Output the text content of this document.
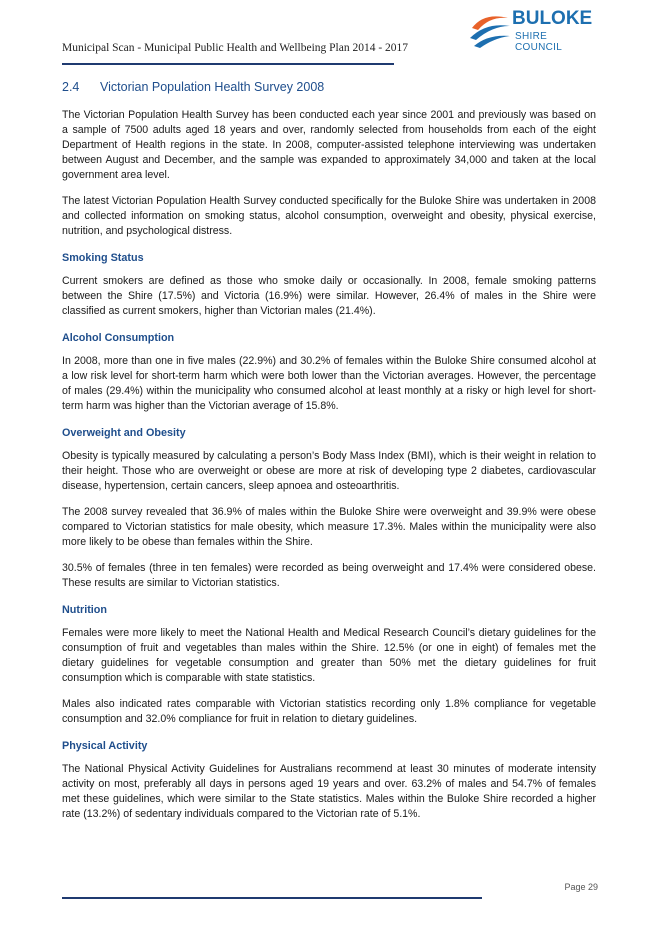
Municipal Scan - Municipal Public Health and Wellbeing Plan 2014 - 2017
BULOKE
SHIRE COUNCIL
2.4 Victorian Population Health Survey 2008

The Victorian Population Health Survey has been conducted each year since 2001 and previously was based on a sample of 7500 adults aged 18 years and over, randomly selected from households from each of the eight Department of Health regions in the state. In 2008, computer-assisted telephone interviewing was undertaken between August and December, and the sample was expanded to approximately 34,000 and taken at the local government area level.

The latest Victorian Population Health Survey conducted specifically for the Buloke Shire was undertaken in 2008 and collected information on smoking status, alcohol consumption, overweight and obesity, physical exercise, nutrition, and psychological distress.

Smoking Status

Current smokers are defined as those who smoke daily or occasionally. In 2008, female smoking patterns between the Shire (17.5%) and Victoria (16.9%) were similar. However, 26.4% of males in the Shire were classified as current smokers, higher than Victorian males (21.4%).

Alcohol Consumption

In 2008, more than one in five males (22.9%) and 30.2% of females within the Buloke Shire consumed alcohol at a low risk level for short-term harm which were both lower than the Victorian averages. However, the percentage of males (29.4%) within the municipality who consumed alcohol at least monthly at a risky or high level for short-term harm was higher than the Victorian average of 15.8%.

Overweight and Obesity

Obesity is typically measured by calculating a person’s Body Mass Index (BMI), which is their weight in relation to their height. Those who are overweight or obese are more at risk of developing type 2 diabetes, cardiovascular disease, hypertension, certain cancers, sleep apnoea and osteoarthritis.

The 2008 survey revealed that 36.9% of males within the Buloke Shire were overweight and 39.9% were obese compared to Victorian statistics for male obesity, which measure 17.3%. Males within the municipality were also more likely to be obese than females within the Shire.

30.5% of females (three in ten females) were recorded as being overweight and 17.4% were considered obese. These results are similar to Victorian statistics.

Nutrition

Females were more likely to meet the National Health and Medical Research Council’s dietary guidelines for the consumption of fruit and vegetables than males within the Shire. 12.5% (or one in eight) of females met the dietary guidelines for vegetable consumption and greater than 50% met the dietary guidelines for fruit consumption which is comparable with state statistics.

Males also indicated rates comparable with Victorian statistics recording only 1.8% compliance for vegetable consumption and 32.0% compliance for fruit in relation to dietary guidelines.

Physical Activity

The National Physical Activity Guidelines for Australians recommend at least 30 minutes of moderate intensity activity on most, preferably all days in persons aged 19 years and over. 63.2% of males and 54.7% of females met these guidelines, which were similar to the State statistics. Males within the Buloke Shire recorded a higher rate (13.2%) of sedentary individuals compared to the Victorian rate of 5.1%.

Page 29
